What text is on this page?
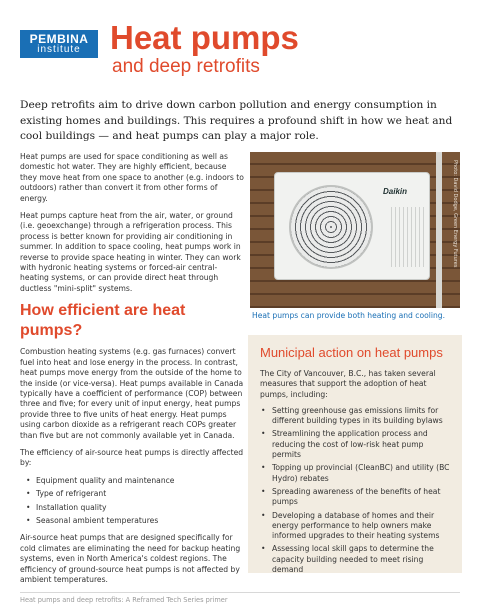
PEMBINA
institute Heat pumps
and deep retrofits

Deep retrofits aim to drive down carbon pollution and energy consumption in existing homes and buildings. This requires a profound shift in how we heat and cool buildings — and heat pumps can play a major role.

Heat pumps are used for space conditioning as well as domestic hot water. They are highly efficient, because they move heat from one space to another (e.g. indoors to outdoors) rather than convert it from other forms of energy.

Heat pumps capture heat from the air, water, or ground (i.e. geoexchange) through a refrigeration process. This process is better known for providing air conditioning in summer. In addition to space cooling, heat pumps work in reverse to provide space heating in winter. They can work with hydronic heating systems or forced-air central-heating systems, or can provide direct heat through ductless "mini-split" systems.

How efficient are heat pumps?

Combustion heating systems (e.g. gas furnaces) convert fuel into heat and lose energy in the process. In contrast, heat pumps move energy from the outside of the home to the inside (or vice-versa). Heat pumps available in Canada typically have a coefficient of performance (COP) between three and five; for every unit of input energy, heat pumps provide three to five units of heat energy. Heat pumps using carbon dioxide as a refrigerant reach COPs greater than five but are not commonly available yet in Canada.

The efficiency of air-source heat pumps is directly affected by:

• Equipment quality and maintenance
• Type of refrigerant
• Installation quality
• Seasonal ambient temperatures

Air-source heat pumps that are designed specifically for cold climates are eliminating the need for backup heating systems, even in North America's coldest regions. The efficiency of ground-source heat pumps is not affected by ambient temperatures.

Daikin	Photo: David Dodge, Green Energy Futures
Heat pumps can provide both heating and cooling.
Municipal action on heat pumps

The City of Vancouver, B.C., has taken several measures that support the adoption of heat pumps, including:

• Setting greenhouse gas emissions limits for different building types in its building bylaws
• Streamlining the application process and reducing the cost of low-risk heat pump permits
• Topping up provincial (CleanBC) and utility (BC Hydro) rebates
• Spreading awareness of the benefits of heat pumps
• Developing a database of homes and their energy performance to help owners make informed upgrades to their heating systems
• Assessing local skill gaps to determine the capacity building needed to meet rising demand
Heat pumps and deep retrofits: A Reframed Tech Series primer
